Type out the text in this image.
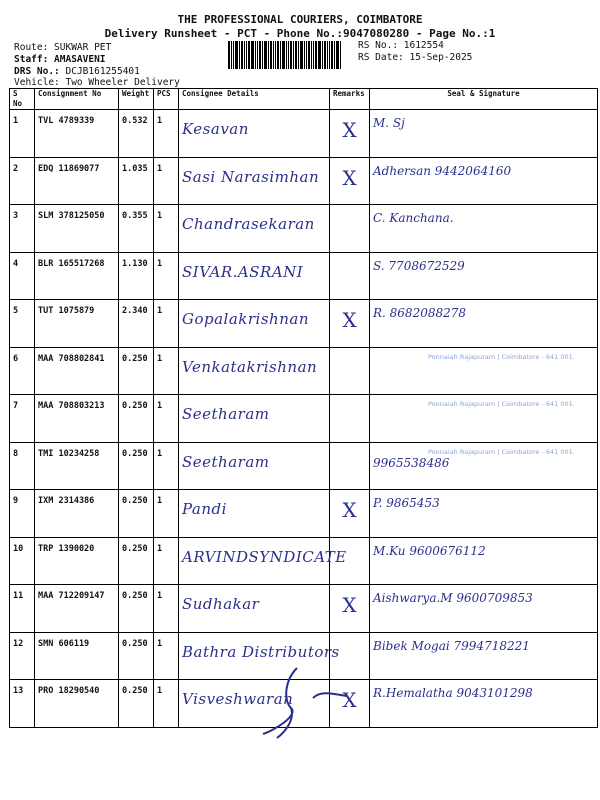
THE PROFESSIONAL COURIERS, COIMBATORE
Delivery Runsheet - PCT - Phone No.:9047080280 - Page No.:1
Route: SUKWAR PET
Staff: AMASAVENI
DRS No.: DCJB161255401
Vehicle: Two Wheeler Delivery
RS No.: 1612554
RS Date: 15-Sep-2025
S No	Consignment No	Weight	PCS	Consignee Details	Remarks	Seal & Signature
1	TVL 4789339	0.532	1	Kesavan	X	M. Sj

2	EDQ 11869077	1.035	1	Sasi Narasimhan	X	Adhersan 9442064160

3	SLM 378125050	0.355	1	Chandrasekaran		C. Kanchana.

4	BLR 165517268	1.130	1	SIVAR.ASRANI		S. 7708672529

5	TUT 1075879	2.340	1	Gopalakrishnan	X	R. 8682088278

6	MAA 708802841	0.250	1	Venkatakrishnan		Ponnaiah Rajapuram | Coimbatore - 641 001.

7	MAA 708803213	0.250	1	Seetharam		Ponnaiah Rajapuram | Coimbatore - 641 001.

8	TMI 10234258	0.250	1	Seetharam		Ponnaiah Rajapuram | Coimbatore - 641 001.
9965538486

9	IXM 2314386	0.250	1	Pandi	X	P. 9865453

10	TRP 1390020	0.250	1	ARVINDSYNDICATE		M.Ku 9600676112

11	MAA 712209147	0.250	1	Sudhakar	X	Aishwarya.M 9600709853

12	SMN 606119	0.250	1	Bathra Distributors		Bibek Mogai 7994718221

13	PRO 18290540	0.250	1	Visveshwaran	X	R.Hemalatha 9043101298
